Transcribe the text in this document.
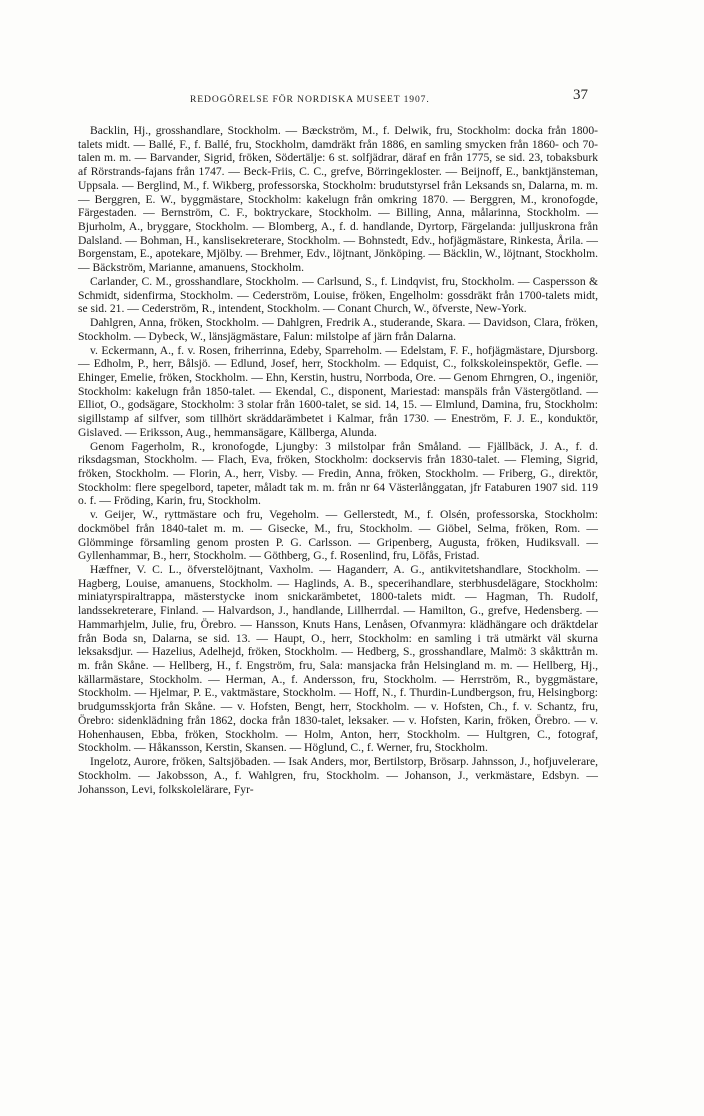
REDOGÖRELSE FÖR NORDISKA MUSEET 1907.	37

Backlin, Hj., grosshandlare, Stockholm. — Bæckström, M., f. Delwik, fru, Stockholm: docka från 1800-talets midt. — Ballé, F., f. Ballé, fru, Stockholm, damdräkt från 1886, en samling smycken från 1860- och 70-talen m. m. — Barvander, Sigrid, fröken, Södertälje: 6 st. solfjädrar, däraf en från 1775, se sid. 23, tobaksburk af Rörstrands-fajans från 1747. — Beck-Friis, C. C., grefve, Börringekloster. — Beijnoff, E., banktjänsteman, Uppsala. — Berglind, M., f. Wikberg, professorska, Stockholm: brudutstyrsel från Leksands sn, Dalarna, m. m. — Berggren, E. W., byggmästare, Stockholm: kakelugn från omkring 1870. — Berggren, M., kronofogde, Färgestaden. — Bernström, C. F., boktryckare, Stockholm. — Billing, Anna, målarinna, Stockholm. — Bjurholm, A., bryggare, Stockholm. — Blomberg, A., f. d. handlande, Dyrtorp, Färgelanda: julljuskrona från Dalsland. — Bohman, H., kanslisekreterare, Stockholm. — Bohnstedt, Edv., hofjägmästare, Rinkesta, Årila. — Borgenstam, E., apotekare, Mjölby. — Brehmer, Edv., löjtnant, Jönköping. — Bäcklin, W., löjtnant, Stockholm. — Bäckström, Marianne, amanuens, Stockholm.

Carlander, C. M., grosshandlare, Stockholm. — Carlsund, S., f. Lindqvist, fru, Stockholm. — Caspersson & Schmidt, sidenfirma, Stockholm. — Cederström, Louise, fröken, Engelholm: gossdräkt från 1700-talets midt, se sid. 21. — Cederström, R., intendent, Stockholm. — Conant Church, W., öfverste, New-York.

Dahlgren, Anna, fröken, Stockholm. — Dahlgren, Fredrik A., studerande, Skara. — Davidson, Clara, fröken, Stockholm. — Dybeck, W., länsjägmästare, Falun: milstolpe af järn från Dalarna.

v. Eckermann, A., f. v. Rosen, friherrinna, Edeby, Sparreholm. — Edelstam, F. F., hofjägmästare, Djursborg. — Edholm, P., herr, Bålsjö. — Edlund, Josef, herr, Stockholm. — Edquist, C., folkskoleinspektör, Gefle. — Ehinger, Emelie, fröken, Stockholm. — Ehn, Kerstin, hustru, Norrboda, Ore. — Genom Ehrngren, O., ingeniör, Stockholm: kakelugn från 1850-talet. — Ekendal, C., disponent, Mariestad: manspäls från Västergötland. — Elliot, O., godsägare, Stockholm: 3 stolar från 1600-talet, se sid. 14, 15. — Elmlund, Damina, fru, Stockholm: sigillstamp af silfver, som tillhört skräddarämbetet i Kalmar, från 1730. — Eneström, F. J. E., konduktör, Gislaved. — Eriksson, Aug., hemmansägare, Källberga, Alunda.

Genom Fagerholm, R., kronofogde, Ljungby: 3 milstolpar från Småland. — Fjällbäck, J. A., f. d. riksdagsman, Stockholm. — Flach, Eva, fröken, Stockholm: dockservis från 1830-talet. — Fleming, Sigrid, fröken, Stockholm. — Florin, A., herr, Visby. — Fredin, Anna, fröken, Stockholm. — Friberg, G., direktör, Stockholm: flere spegelbord, tapeter, måladt tak m. m. från nr 64 Västerlånggatan, jfr Fataburen 1907 sid. 119 o. f. — Fröding, Karin, fru, Stockholm.

v. Geijer, W., ryttmästare och fru, Vegeholm. — Gellerstedt, M., f. Olsén, professorska, Stockholm: dockmöbel från 1840-talet m. m. — Gisecke, M., fru, Stockholm. — Giöbel, Selma, fröken, Rom. — Glömminge församling genom prosten P. G. Carlsson. — Gripenberg, Augusta, fröken, Hudiksvall. — Gyllenhammar, B., herr, Stockholm. — Göthberg, G., f. Rosenlind, fru, Löfås, Fristad.

Hæffner, V. C. L., öfverstelöjtnant, Vaxholm. — Haganderr, A. G., antikvitetshandlare, Stockholm. — Hagberg, Louise, amanuens, Stockholm. — Haglinds, A. B., specerihandlare, sterbhusdelägare, Stockholm: miniatyrspiraltrappa, mästerstycke inom snickarämbetet, 1800-talets midt. — Hagman, Th. Rudolf, landssekreterare, Finland. — Halvardson, J., handlande, Lillherrdal. — Hamilton, G., grefve, Hedensberg. — Hammarhjelm, Julie, fru, Örebro. — Hansson, Knuts Hans, Lenåsen, Ofvanmyra: klädhängare och dräktdelar från Boda sn, Dalarna, se sid. 13. — Haupt, O., herr, Stockholm: en samling i trä utmärkt väl skurna leksaksdjur. — Hazelius, Adelhejd, fröken, Stockholm. — Hedberg, S., grosshandlare, Malmö: 3 skåkttrån m. m. från Skåne. — Hellberg, H., f. Engström, fru, Sala: mansjacka från Helsingland m. m. — Hellberg, Hj., källarmästare, Stockholm. — Herman, A., f. Andersson, fru, Stockholm. — Herrström, R., byggmästare, Stockholm. — Hjelmar, P. E., vaktmästare, Stockholm. — Hoff, N., f. Thurdin-Lundbergson, fru, Helsingborg: brudgumsskjorta från Skåne. — v. Hofsten, Bengt, herr, Stockholm. — v. Hofsten, Ch., f. v. Schantz, fru, Örebro: sidenklädning från 1862, docka från 1830-talet, leksaker. — v. Hofsten, Karin, fröken, Örebro. — v. Hohenhausen, Ebba, fröken, Stockholm. — Holm, Anton, herr, Stockholm. — Hultgren, C., fotograf, Stockholm. — Håkansson, Kerstin, Skansen. — Höglund, C., f. Werner, fru, Stockholm.

Ingelotz, Aurore, fröken, Saltsjöbaden. — Isak Anders, mor, Bertilstorp, Brösarp. Jahnsson, J., hofjuvelerare, Stockholm. — Jakobsson, A., f. Wahlgren, fru, Stockholm. — Johanson, J., verkmästare, Edsbyn. — Johansson, Levi, folkskolelärare, Fyr-
